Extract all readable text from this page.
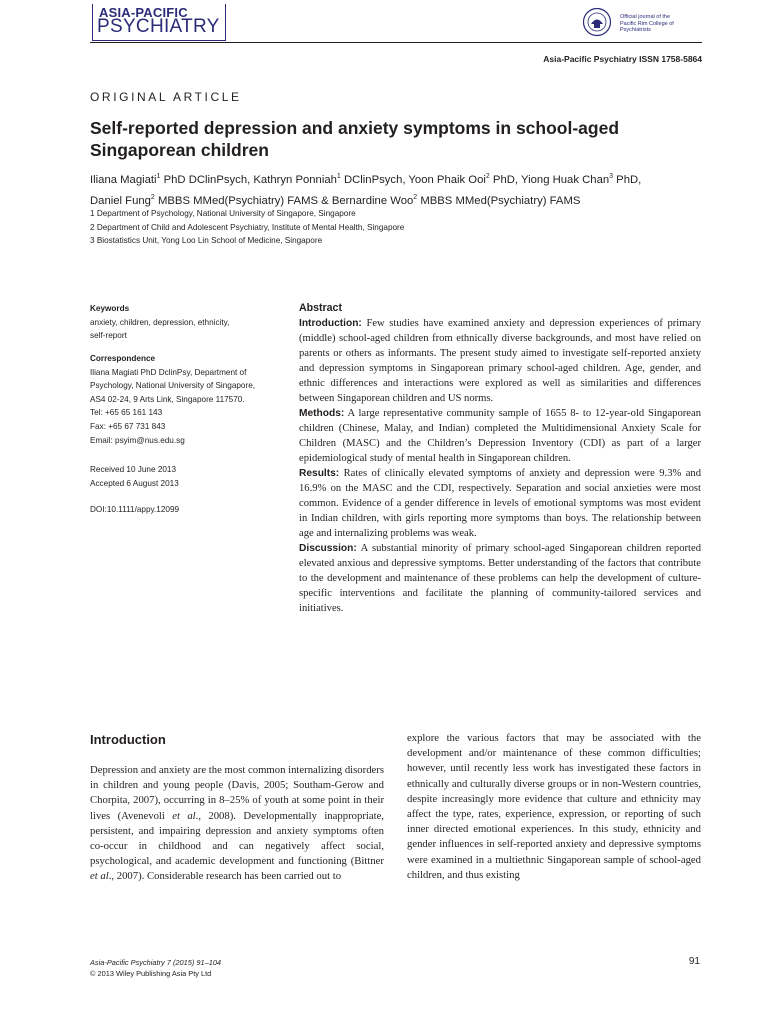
ASIA-PACIFIC
PSYCHIATRY	Official journal of the
Pacific Rim College of Psychiatrists
Asia-Pacific Psychiatry ISSN 1758-5864
ORIGINAL ARTICLE
Self-reported depression and anxiety symptoms in school-aged Singaporean children
Iliana Magiati$^1$ PhD DClinPsych, Kathryn Ponniah$^1$ DClinPsych, Yoon Phaik Ooi$^2$ PhD, Yiong Huak Chan$^3$ PhD,
Daniel Fung$^2$ MBBS MMed(Psychiatry) FAMS & Bernardine Woo$^2$ MBBS MMed(Psychiatry) FAMS
1 Department of Psychology, National University of Singapore, Singapore
2 Department of Child and Adolescent Psychiatry, Institute of Mental Health, Singapore
3 Biostatistics Unit, Yong Loo Lin School of Medicine, Singapore
Keywords
anxiety, children, depression, ethnicity,
self-report
Correspondence
Iliana Magiati PhD DclinPsy, Department of
Psychology, National University of Singapore,
AS4 02-24, 9 Arts Link, Singapore 117570.
Tel: +65 65 161 143
Fax: +65 67 731 843
Email: psyim@nus.edu.sg
Received 10 June 2013
Accepted 6 August 2013
DOI:10.1111/appy.12099
Abstract

Introduction: Few studies have examined anxiety and depression experiences of primary (middle) school-aged children from ethnically diverse backgrounds, and most have relied on parents or others as informants. The present study aimed to investigate self-reported anxiety and depression symptoms in Singaporean primary school-aged children. Age, gender, and ethnic differences and interactions were explored as well as similarities and differences between Singaporean children and US norms.

Methods: A large representative community sample of 1655 8- to 12-year-old Singaporean children (Chinese, Malay, and Indian) completed the Multidimensional Anxiety Scale for Children (MASC) and the Children’s Depression Inventory (CDI) as part of a larger epidemiological study of mental health in Singaporean children.

Results: Rates of clinically elevated symptoms of anxiety and depression were 9.3% and 16.9% on the MASC and the CDI, respectively. Separation and social anxieties were most common. Evidence of a gender difference in levels of emotional symptoms was most evident in Indian children, with girls reporting more symptoms than boys. The relationship between age and internalizing problems was weak.

Discussion: A substantial minority of primary school-aged Singaporean children reported elevated anxious and depressive symptoms. Better understanding of the factors that contribute to the development and maintenance of these problems can help the development of culture-specific interventions and facilitate the planning of community-tailored services and initiatives.

Introduction
Depression and anxiety are the most common internalizing disorders in children and young people (Davis, 2005; Southam-Gerow and Chorpita, 2007), occurring in 8–25% of youth at some point in their lives (Avenevoli et al., 2008). Developmentally inappropriate, persistent, and impairing depression and anxiety symptoms often co-occur in childhood and can negatively affect social, psychological, and academic development and functioning (Bittner et al., 2007). Considerable research has been carried out to
explore the various factors that may be associated with the development and/or maintenance of these common difficulties; however, until recently less work has investigated these factors in ethnically and culturally diverse groups or in non-Western countries, despite increasingly more evidence that culture and ethnicity may affect the type, rates, experience, expression, or reporting of such inner directed emotional experiences. In this study, ethnicity and gender influences in self-reported anxiety and depressive symptoms were examined in a multiethnic Singaporean sample of school-aged children, and thus existing
Asia-Pacific Psychiatry 7 (2015) 91–104
© 2013 Wiley Publishing Asia Pty Ltd
91
